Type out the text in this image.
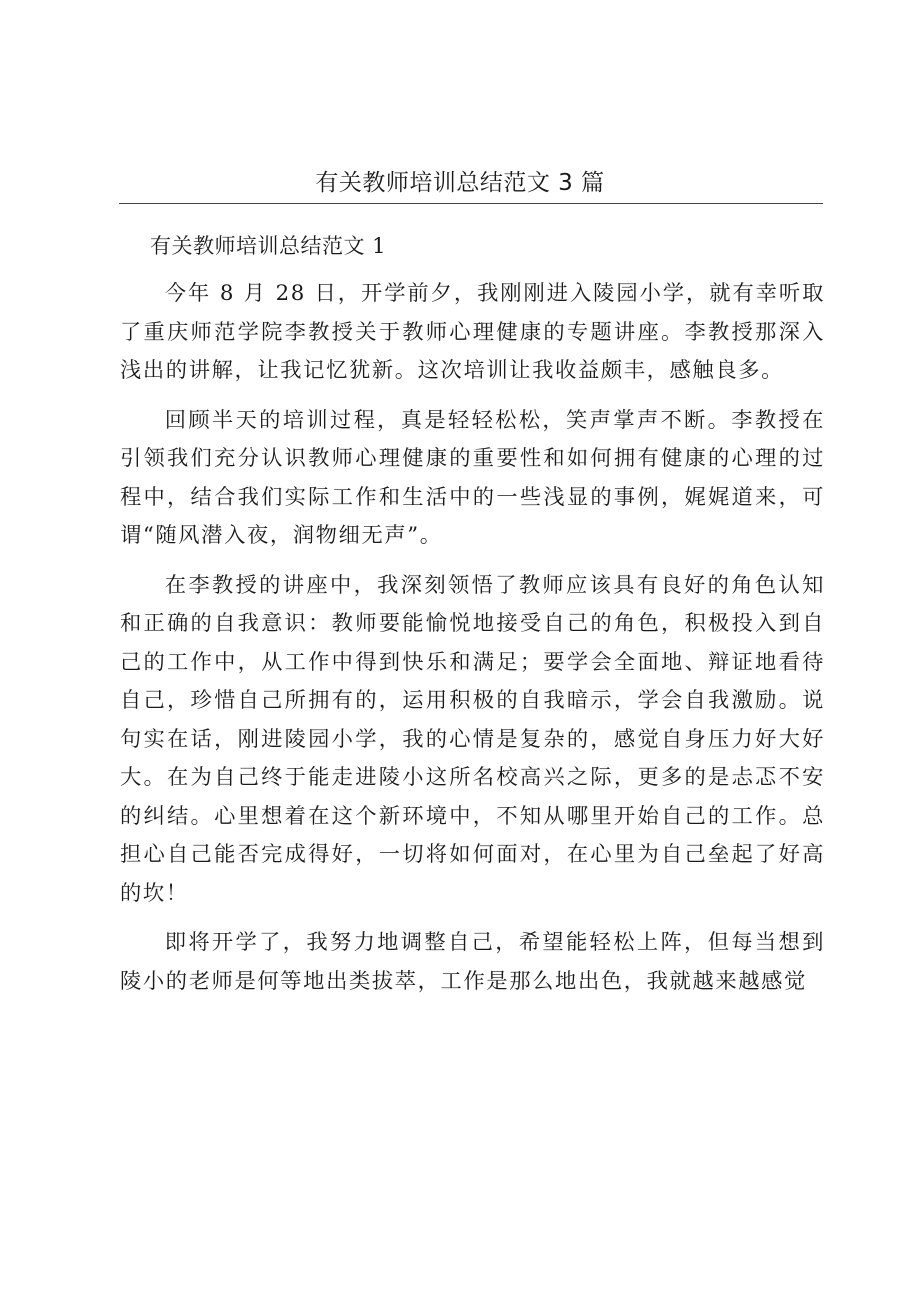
有关教师培训总结范文 3 篇
有关教师培训总结范文 1

今年 8 月 28 日，开学前夕，我刚刚进入陵园小学，就有幸听取了重庆师范学院李教授关于教师心理健康的专题讲座。李教授那深入浅出的讲解，让我记忆犹新。这次培训让我收益颇丰，感触良多。

回顾半天的培训过程，真是轻轻松松，笑声掌声不断。李教授在引领我们充分认识教师心理健康的重要性和如何拥有健康的心理的过程中，结合我们实际工作和生活中的一些浅显的事例，娓娓道来，可谓“随风潜入夜，润物细无声”。

在李教授的讲座中，我深刻领悟了教师应该具有良好的角色认知和正确的自我意识：教师要能愉悦地接受自己的角色，积极投入到自己的工作中，从工作中得到快乐和满足；要学会全面地、辩证地看待自己，珍惜自己所拥有的，运用积极的自我暗示，学会自我激励。说句实在话，刚进陵园小学，我的心情是复杂的，感觉自身压力好大好大。在为自己终于能走进陵小这所名校高兴之际，更多的是忐忑不安的纠结。心里想着在这个新环境中，不知从哪里开始自己的工作。总担心自己能否完成得好，一切将如何面对，在心里为自己垒起了好高的坎！

即将开学了，我努力地调整自己，希望能轻松上阵，但每当想到陵小的老师是何等地出类拔萃，工作是那么地出色，我就越来越感觉
